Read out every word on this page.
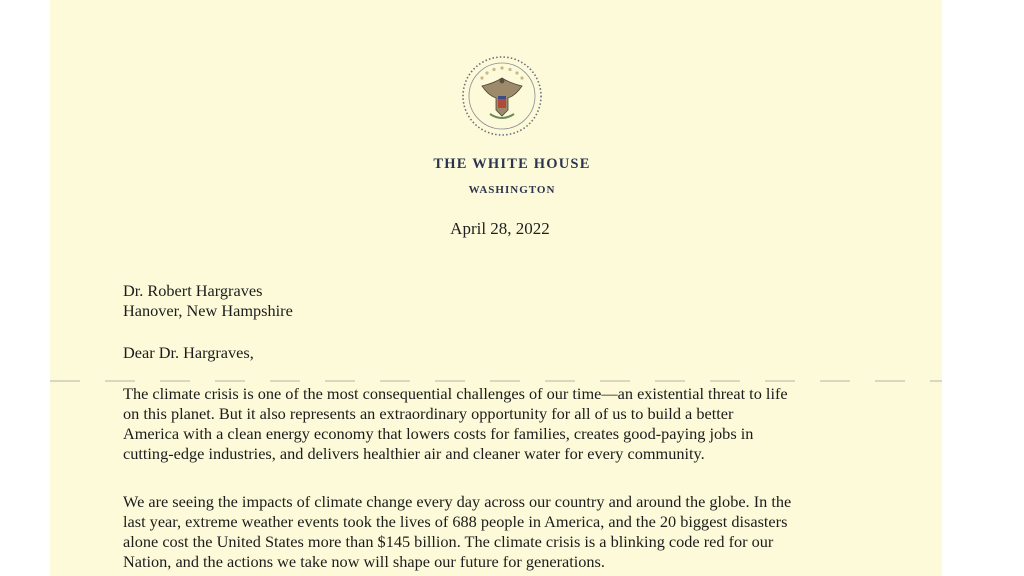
THE WHITE HOUSE
WASHINGTON
April 28, 2022
Dr. Robert Hargraves
Hanover, New Hampshire
Dear Dr. Hargraves,
The climate crisis is one of the most consequential challenges of our time—an existential threat to life
on this planet. But it also represents an extraordinary opportunity for all of us to build a better
America with a clean energy economy that lowers costs for families, creates good-paying jobs in
cutting-edge industries, and delivers healthier air and cleaner water for every community.
We are seeing the impacts of climate change every day across our country and around the globe. In the
last year, extreme weather events took the lives of 688 people in America, and the 20 biggest disasters
alone cost the United States more than $145 billion. The climate crisis is a blinking code red for our
Nation, and the actions we take now will shape our future for generations.
